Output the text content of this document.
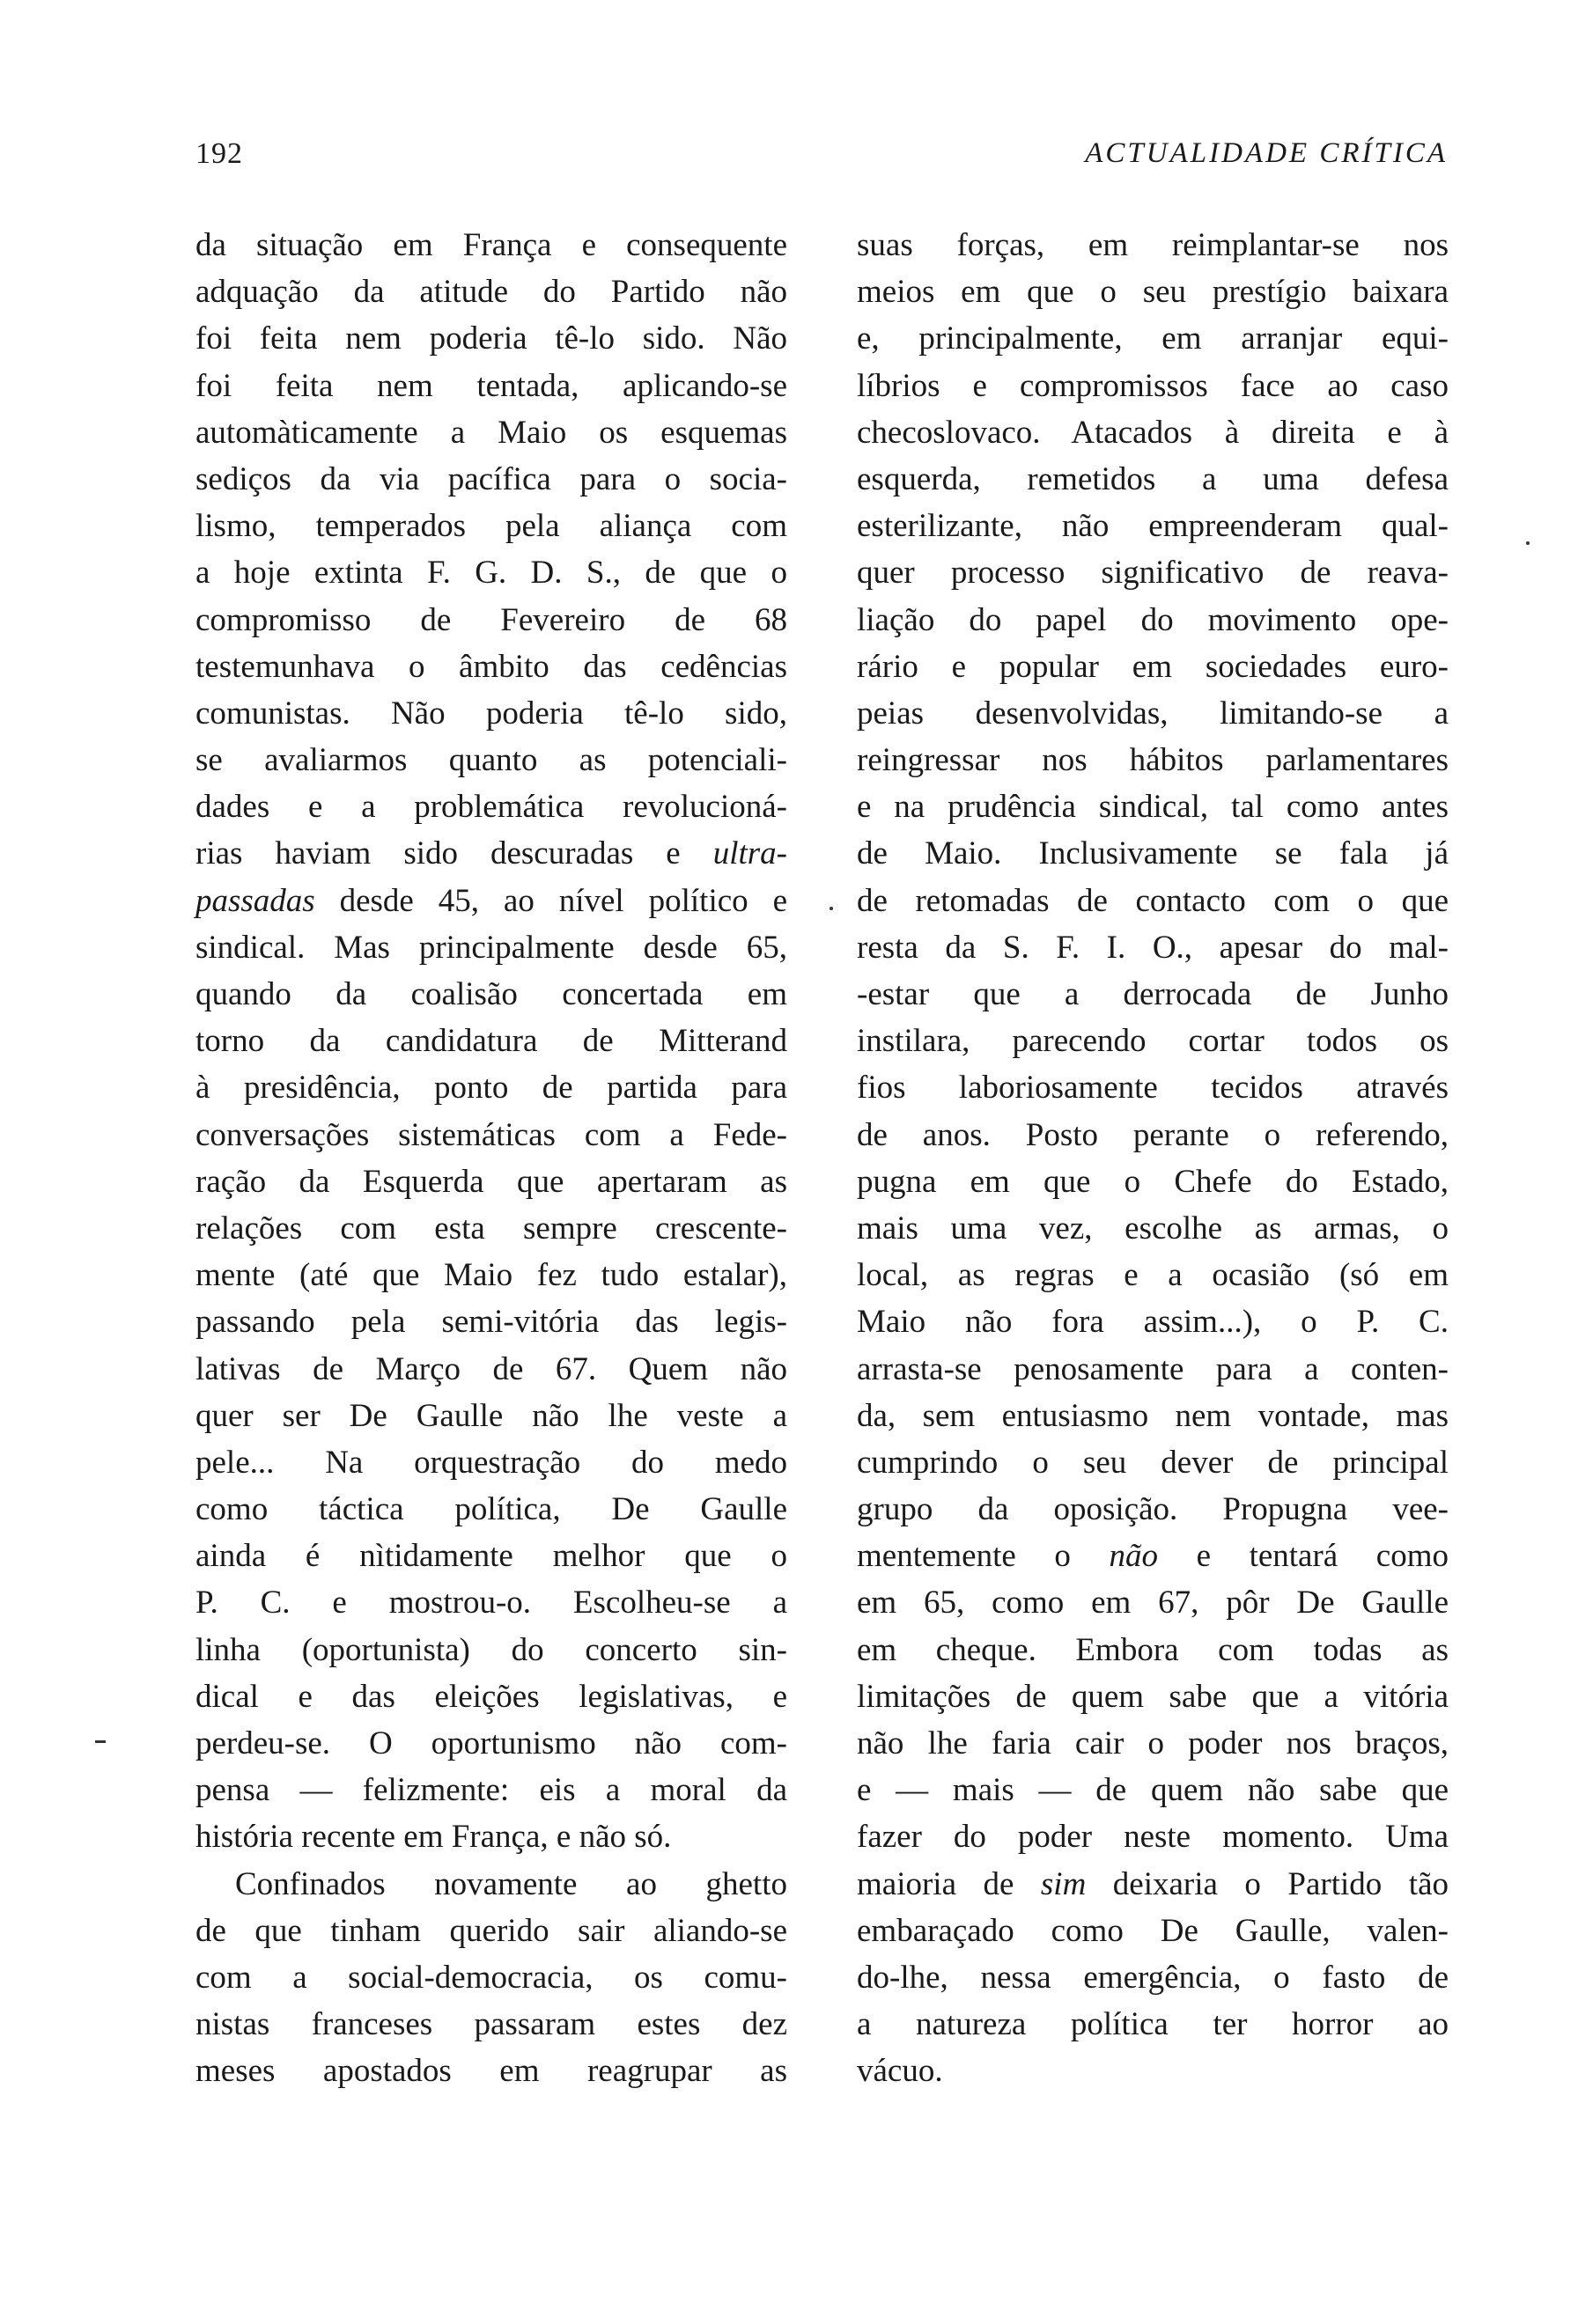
192	ACTUALIDADE CRÍTICA
da situação em França e consequente
adquação da atitude do Partido não
foi feita nem poderia tê-lo sido. Não
foi feita nem tentada, aplicando-se
automàticamente a Maio os esquemas
sediços da via pacífica para o socia-
lismo, temperados pela aliança com
a hoje extinta F. G. D. S., de que o
compromisso de Fevereiro de 68
testemunhava o âmbito das cedências
comunistas. Não poderia tê-lo sido,
se avaliarmos quanto as potenciali-
dades e a problemática revolucioná-
rias haviam sido descuradas e ultra-
passadas desde 45, ao nível político e
sindical. Mas principalmente desde 65,
quando da coalisão concertada em
torno da candidatura de Mitterand
à presidência, ponto de partida para
conversações sistemáticas com a Fede-
ração da Esquerda que apertaram as
relações com esta sempre crescente-
mente (até que Maio fez tudo estalar),
passando pela semi-vitória das legis-
lativas de Março de 67. Quem não
quer ser De Gaulle não lhe veste a
pele... Na orquestração do medo
como táctica política, De Gaulle
ainda é nìtidamente melhor que o
P. C. e mostrou-o. Escolheu-se a
linha (oportunista) do concerto sin-
dical e das eleições legislativas, e
perdeu-se. O oportunismo não com-
pensa — felizmente: eis a moral da
história recente em França, e não só.
Confinados novamente ao ghetto
de que tinham querido sair aliando-se
com a social-democracia, os comu-
nistas franceses passaram estes dez
meses apostados em reagrupar as
suas forças, em reimplantar-se nos
meios em que o seu prestígio baixara
e, principalmente, em arranjar equi-
líbrios e compromissos face ao caso
checoslovaco. Atacados à direita e à
esquerda, remetidos a uma defesa
esterilizante, não empreenderam qual-
quer processo significativo de reava-
liação do papel do movimento ope-
rário e popular em sociedades euro-
peias desenvolvidas, limitando-se a
reingressar nos hábitos parlamentares
e na prudência sindical, tal como antes
de Maio. Inclusivamente se fala já
de retomadas de contacto com o que
resta da S. F. I. O., apesar do mal-
-estar que a derrocada de Junho
instilara, parecendo cortar todos os
fios laboriosamente tecidos através
de anos. Posto perante o referendo,
pugna em que o Chefe do Estado,
mais uma vez, escolhe as armas, o
local, as regras e a ocasião (só em
Maio não fora assim...), o P. C.
arrasta-se penosamente para a conten-
da, sem entusiasmo nem vontade, mas
cumprindo o seu dever de principal
grupo da oposição. Propugna vee-
mentemente o não e tentará como
em 65, como em 67, pôr De Gaulle
em cheque. Embora com todas as
limitações de quem sabe que a vitória
não lhe faria cair o poder nos braços,
e — mais — de quem não sabe que
fazer do poder neste momento. Uma
maioria de sim deixaria o Partido tão
embaraçado como De Gaulle, valen-
do-lhe, nessa emergência, o fasto de
a natureza política ter horror ao
vácuo.
